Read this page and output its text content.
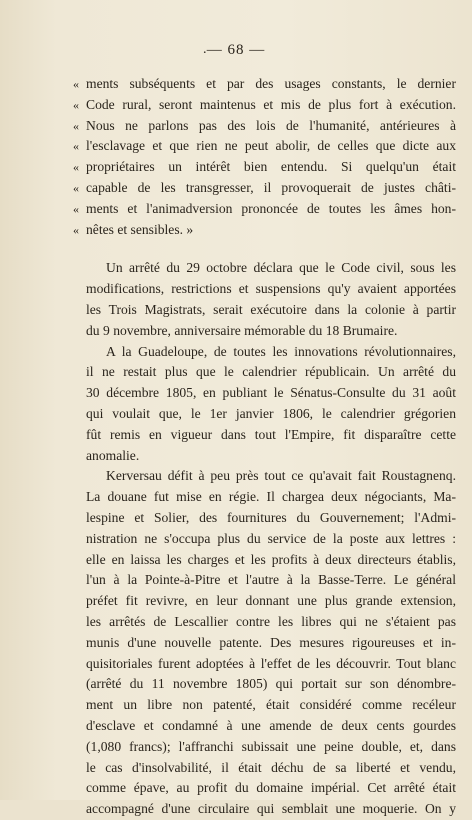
. — 68 —
« ments subséquents et par des usages constants, le dernier
« Code rural, seront maintenus et mis de plus fort à exécution.
« Nous ne parlons pas des lois de l'humanité, antérieures à
« l'esclavage et que rien ne peut abolir, de celles que dicte aux
« propriétaires un intérêt bien entendu. Si quelqu'un était
« capable de les transgresser, il provoquerait de justes châti-
« ments et l'animadversion prononcée de toutes les âmes hon-
« nêtes et sensibles. »
Un arrêté du 29 octobre déclara que le Code civil, sous les
modifications, restrictions et suspensions qu'y avaient apportées
les Trois Magistrats, serait exécutoire dans la colonie à partir
du 9 novembre, anniversaire mémorable du 18 Brumaire.
A la Guadeloupe, de toutes les innovations révolutionnaires,
il ne restait plus que le calendrier républicain. Un arrêté du
30 décembre 1805, en publiant le Sénatus-Consulte du 31 août
qui voulait que, le 1er janvier 1806, le calendrier grégorien
fût remis en vigueur dans tout l'Empire, fit disparaître cette
anomalie.
Kerversau défit à peu près tout ce qu'avait fait Roustagnenq.
La douane fut mise en régie. Il chargea deux négociants, Ma-
lespine et Solier, des fournitures du Gouvernement; l'Admi-
nistration ne s'occupa plus du service de la poste aux lettres :
elle en laissa les charges et les profits à deux directeurs établis,
l'un à la Pointe-à-Pitre et l'autre à la Basse-Terre. Le général
préfet fit revivre, en leur donnant une plus grande extension,
les arrêtés de Lescallier contre les libres qui ne s'étaient pas
munis d'une nouvelle patente. Des mesures rigoureuses et in-
quisitoriales furent adoptées à l'effet de les découvrir. Tout blanc
(arrêté du 11 novembre 1805) qui portait sur son dénombre-
ment un libre non patenté, était considéré comme recéleur
d'esclave et condamné à une amende de deux cents gourdes
(1,080 francs); l'affranchi subissait une peine double, et, dans
le cas d'insolvabilité, il était déchu de sa liberté et vendu,
comme épave, au profit du domaine impérial. Cet arrêté était
accompagné d'une circulaire qui semblait une moquerie. On y
